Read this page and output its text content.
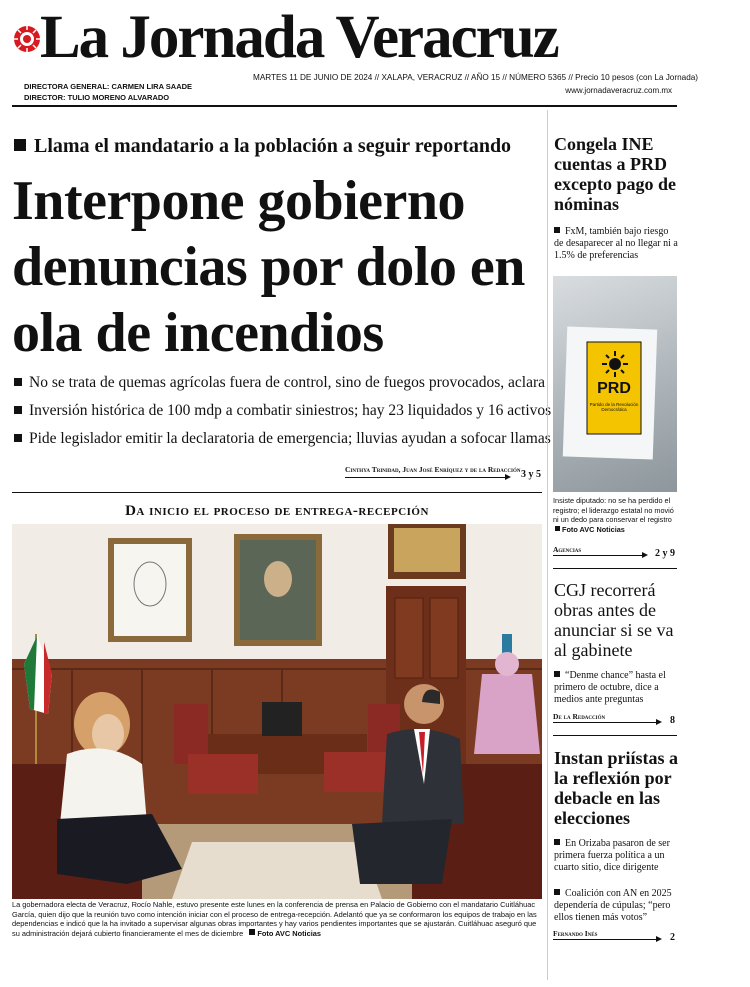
La Jornada Veracruz
DIRECTORA GENERAL: CARMEN LIRA SAADE
DIRECTOR: TULIO MORENO ALVARADO
MARTES 11 DE JUNIO DE 2024 // XALAPA, VERACRUZ // AÑO 15 // NÚMERO 5365 // Precio 10 pesos (con La Jornada)
www.jornadaveracruz.com.mx
Llama el mandatario a la población a seguir reportando
Interpone gobierno denuncias por dolo en ola de incendios
No se trata de quemas agrícolas fuera de control, sino de fuegos provocados, aclara
Inversión histórica de 100 mdp a combatir siniestros; hay 23 liquidados y 16 activos
Pide legislador emitir la declaratoria de emergencia; lluvias ayudan a sofocar llamas
Cinthya Trinidad, Juan José Enríquez y de la Redacción 3 y 5
Da inicio el proceso de entrega-recepción
La gobernadora electa de Veracruz, Rocío Nahle, estuvo presente este lunes en la conferencia de prensa en Palacio de Gobierno con el mandatario Cuitláhuac García, quien dijo que la reunión tuvo como intención iniciar con el proceso de entrega-recepción. Adelantó que ya se conformaron los equipos de trabajo en las dependencias e indicó que la ha invitado a supervisar algunas obras importantes y hay varios pendientes importantes que se ajustarán. Cuitláhuac aseguró que su administración dejará cubierto financieramente el mes de diciembre Foto AVC Noticias
Congela INE cuentas a PRD excepto pago de nóminas
FxM, también bajo riesgo de desaparecer al no llegar ni a 1.5% de preferencias
PRD
Partido de la Revolución Democrática
Insiste diputado: no se ha perdido el registro; el liderazgo estatal no movió ni un dedo para conservar el registro Foto AVC Noticias
Agencias	2 y 9
CGJ recorrerá obras antes de anunciar si se va al gabinete
“Denme chance” hasta el primero de octubre, dice a medios ante preguntas
De la Redacción	8
Instan priístas a la reflexión por debacle en las elecciones
En Orizaba pasaron de ser primera fuerza política a un cuarto sitio, dice dirigente
Coalición con AN en 2025 dependería de cúpulas; “pero ellos tienen más votos”
Fernando Inés	2
